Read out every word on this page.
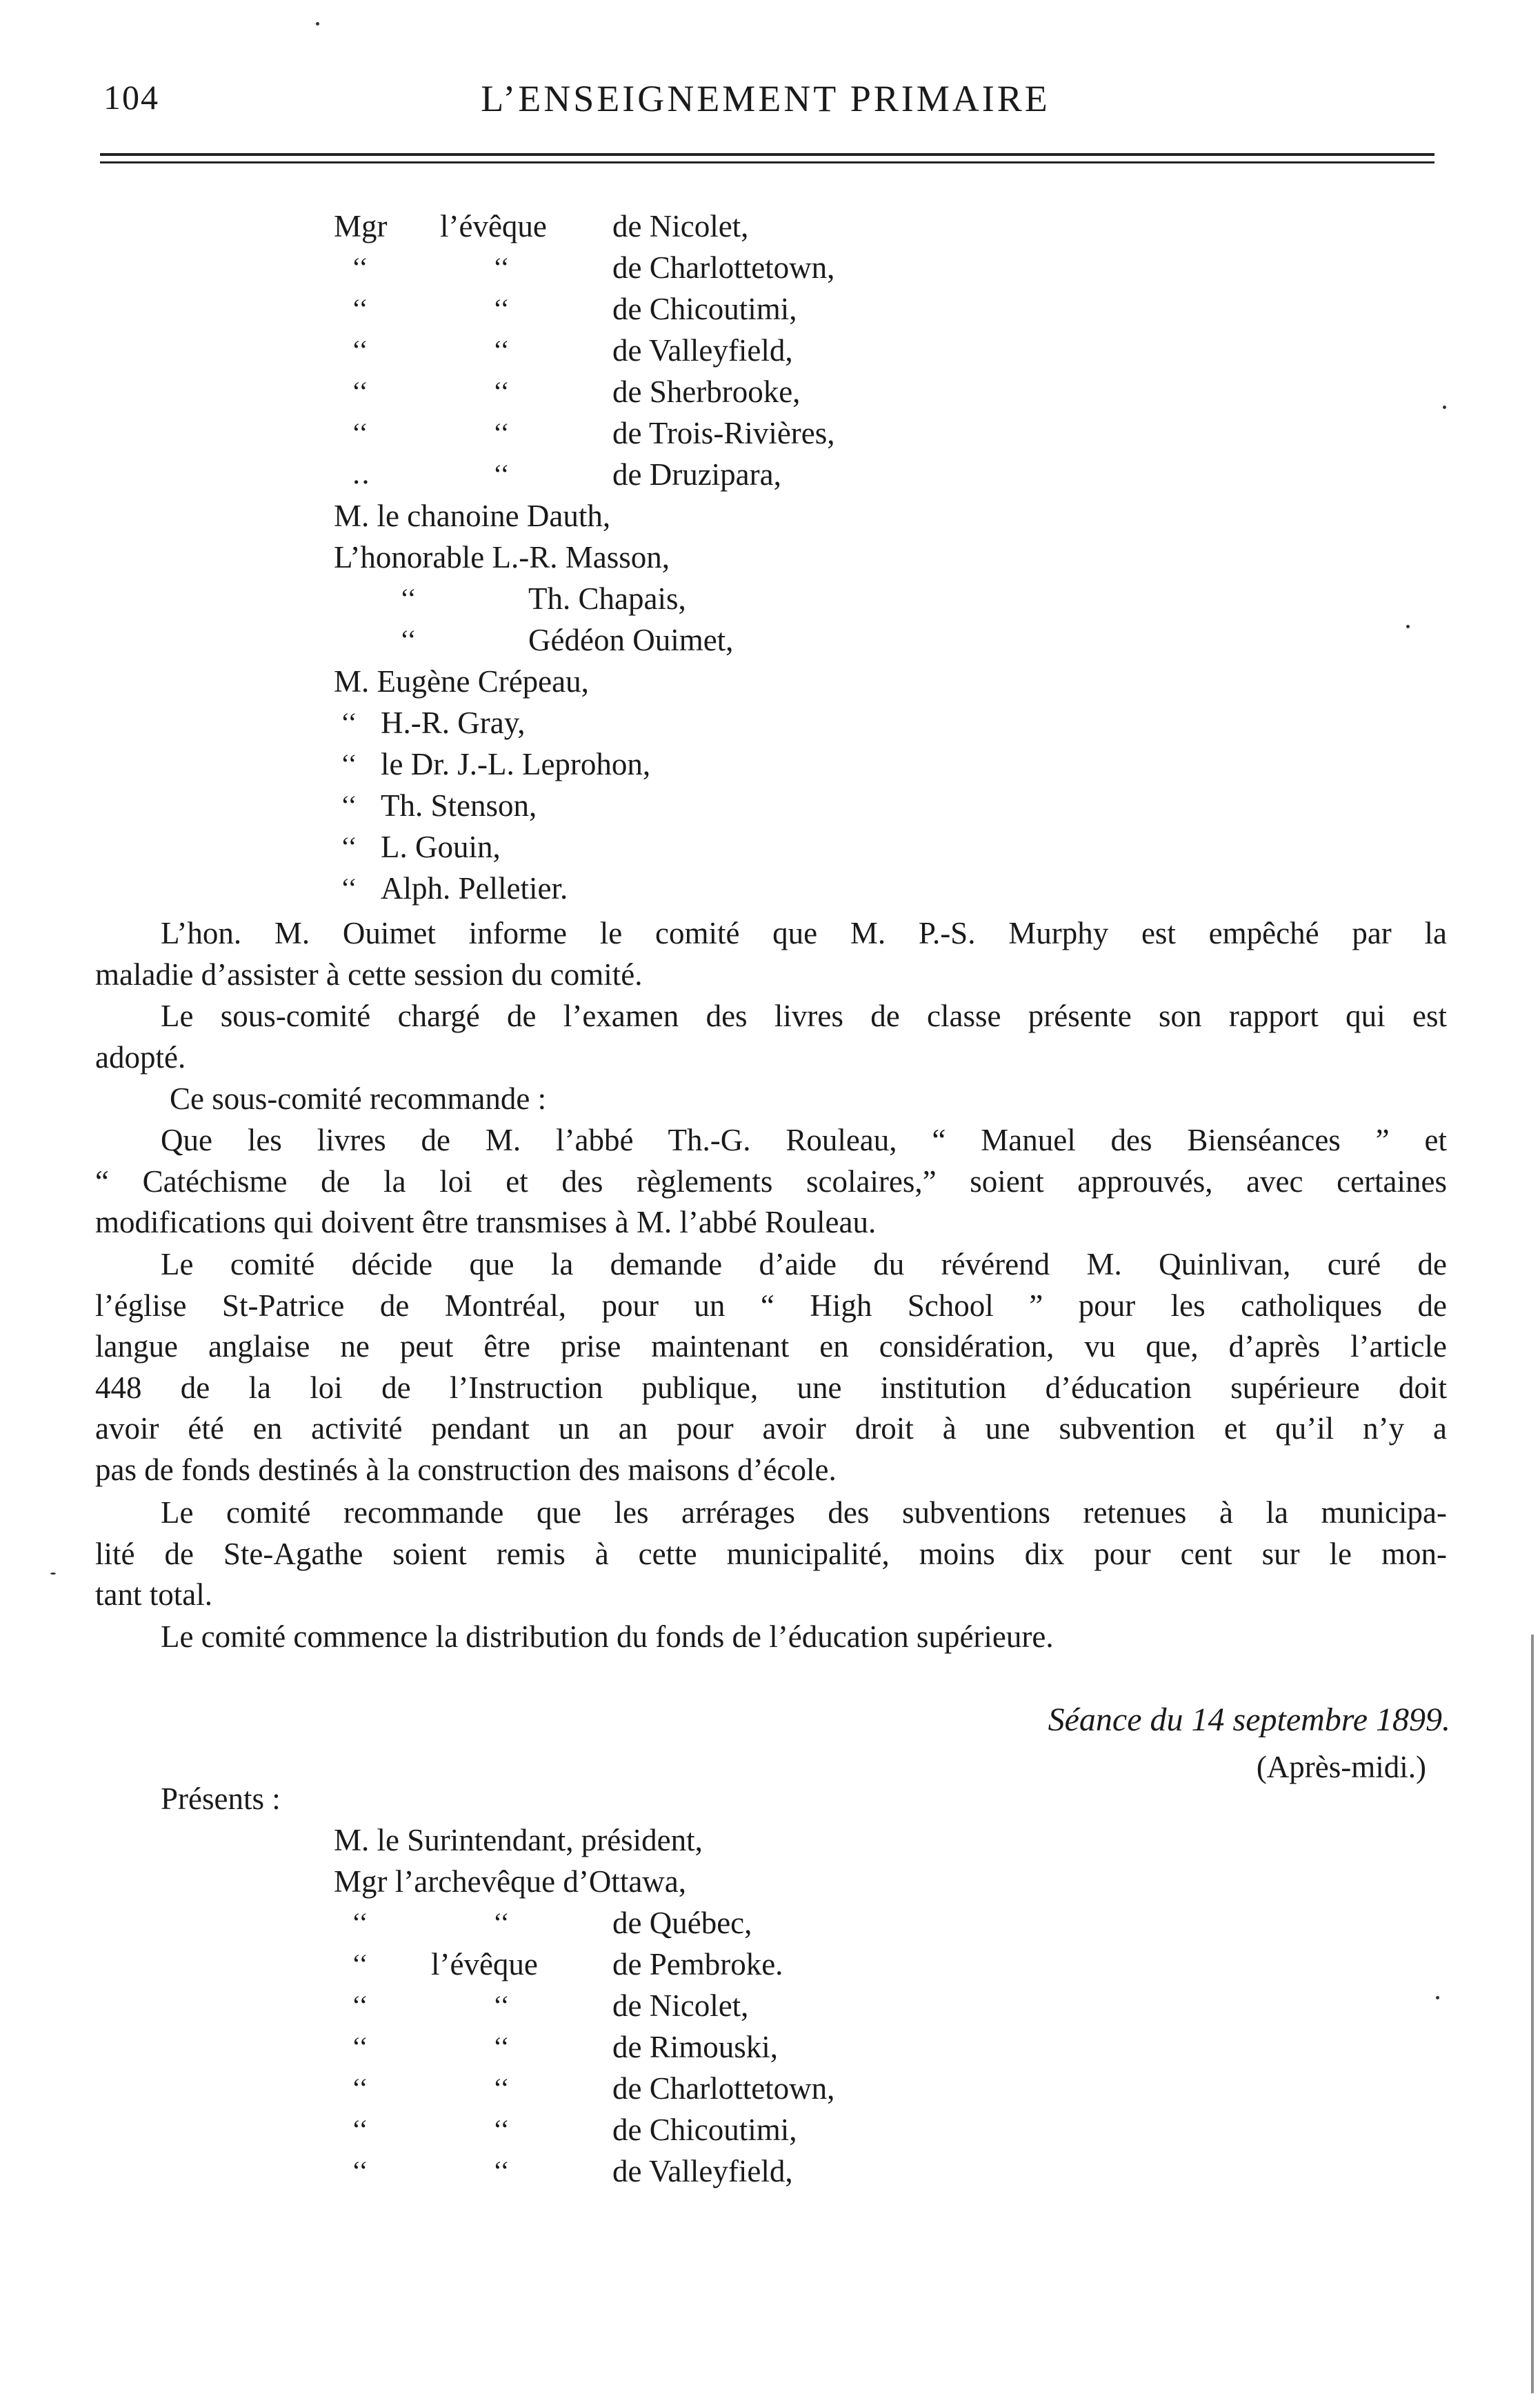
104	L’ENSEIGNEMENT PRIMAIRE
Mgr l’évêque de Nicolet,
‘‘	‘‘	de Charlottetown,
‘‘	‘‘	de Chicoutimi,
‘‘	‘‘	de Valleyfield,
‘‘	‘‘	de Sherbrooke,
‘‘	‘‘	de Trois-Rivières,
‥	‘‘	de Druzipara,
M. le chanoine Dauth,
L’honorable L.-R. Masson,
‘‘	Th. Chapais,
‘‘	Gédéon Ouimet,
M. Eugène Crépeau,
‘‘ H.-R. Gray,
‘‘ le Dr. J.-L. Leprohon,
‘‘ Th. Stenson,
‘‘ L. Gouin,
‘‘ Alph. Pelletier.
L’hon. M. Ouimet informe le comité que M. P.-S. Murphy est empêché par la
maladie d’assister à cette session du comité.
Le sous-comité chargé de l’examen des livres de classe présente son rapport qui est
adopté.
Ce sous-comité recommande :
Que les livres de M. l’abbé Th.-G. Rouleau, “ Manuel des Bienséances ” et
“ Catéchisme de la loi et des règlements scolaires,” soient approuvés, avec certaines
modifications qui doivent être transmises à M. l’abbé Rouleau.
Le comité décide que la demande d’aide du révérend M. Quinlivan, curé de
l’église St-Patrice de Montréal, pour un “ High School ” pour les catholiques de
langue anglaise ne peut être prise maintenant en considération, vu que, d’après l’article
448 de la loi de l’Instruction publique, une institution d’éducation supérieure doit
avoir été en activité pendant un an pour avoir droit à une subvention et qu’il n’y a
pas de fonds destinés à la construction des maisons d’école.
Le comité recommande que les arrérages des subventions retenues à la municipa-
lité de Ste-Agathe soient remis à cette municipalité, moins dix pour cent sur le mon-
tant total.
Le comité commence la distribution du fonds de l’éducation supérieure.
Séance du 14 septembre 1899.
(Après-midi.)
Présents :
M. le Surintendant, président,
Mgr l’archevêque d’Ottawa,
‘‘	‘‘	de Québec,
‘‘ l’évêque de Pembroke.
‘‘	‘‘	de Nicolet,
‘‘	‘‘	de Rimouski,
‘‘	‘‘	de Charlottetown,
‘‘	‘‘	de Chicoutimi,
‘‘	‘‘	de Valleyfield,
